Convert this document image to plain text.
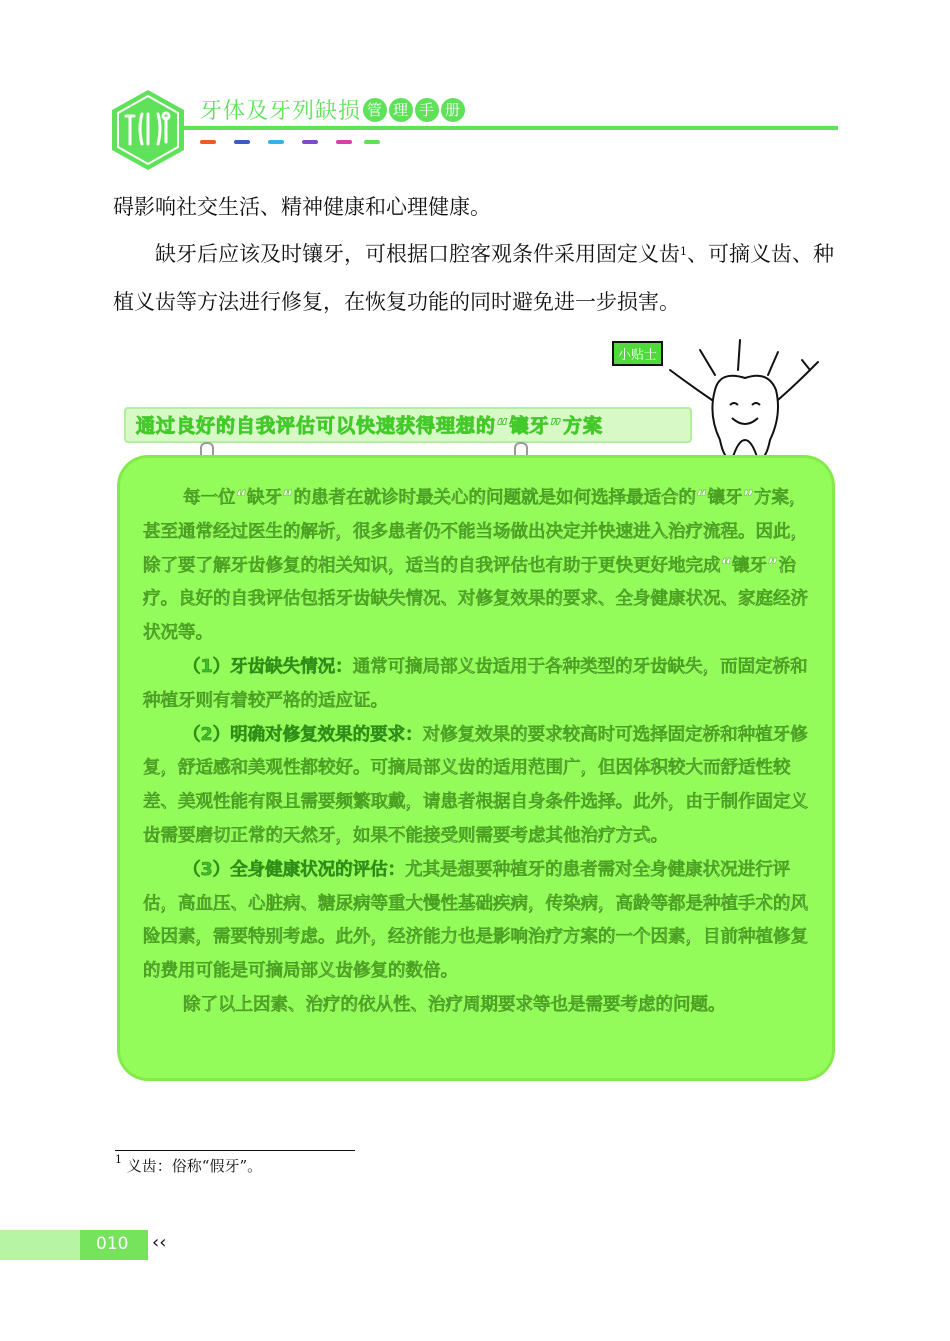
牙体及牙列缺损 管 理 手 册
碍影响社交生活、精神健康和心理健康。
缺牙后应该及时镶牙，可根据口腔客观条件采用固定义齿$^1$、可摘义齿、种植义齿等方法进行修复，在恢复功能的同时避免进一步损害。
小贴士
通过良好的自我评估可以快速获得理想的“镶牙”方案

每一位“缺牙”的患者在就诊时最关心的问题就是如何选择最适合的“镶牙”方案，甚至通常经过医生的解析，很多患者仍不能当场做出决定并快速进入治疗流程。因此，除了要了解牙齿修复的相关知识，适当的自我评估也有助于更快更好地完成“镶牙”治疗。良好的自我评估包括牙齿缺失情况、对修复效果的要求、全身健康状况、家庭经济状况等。

（1）牙齿缺失情况：通常可摘局部义齿适用于各种类型的牙齿缺失，而固定桥和种植牙则有着较严格的适应证。

（2）明确对修复效果的要求：对修复效果的要求较高时可选择固定桥和种植牙修复，舒适感和美观性都较好。可摘局部义齿的适用范围广，但因体积较大而舒适性较差、美观性能有限且需要频繁取戴，请患者根据自身条件选择。此外，由于制作固定义齿需要磨切正常的天然牙，如果不能接受则需要考虑其他治疗方式。

（3）全身健康状况的评估：尤其是想要种植牙的患者需对全身健康状况进行评估，高血压、心脏病、糖尿病等重大慢性基础疾病，传染病，高龄等都是种植手术的风险因素，需要特别考虑。此外，经济能力也是影响治疗方案的一个因素，目前种植修复的费用可能是可摘局部义齿修复的数倍。

除了以上因素、治疗的依从性、治疗周期要求等也是需要考虑的问题。

$^1$ 义齿：俗称“假牙”。
010 ‹‹
